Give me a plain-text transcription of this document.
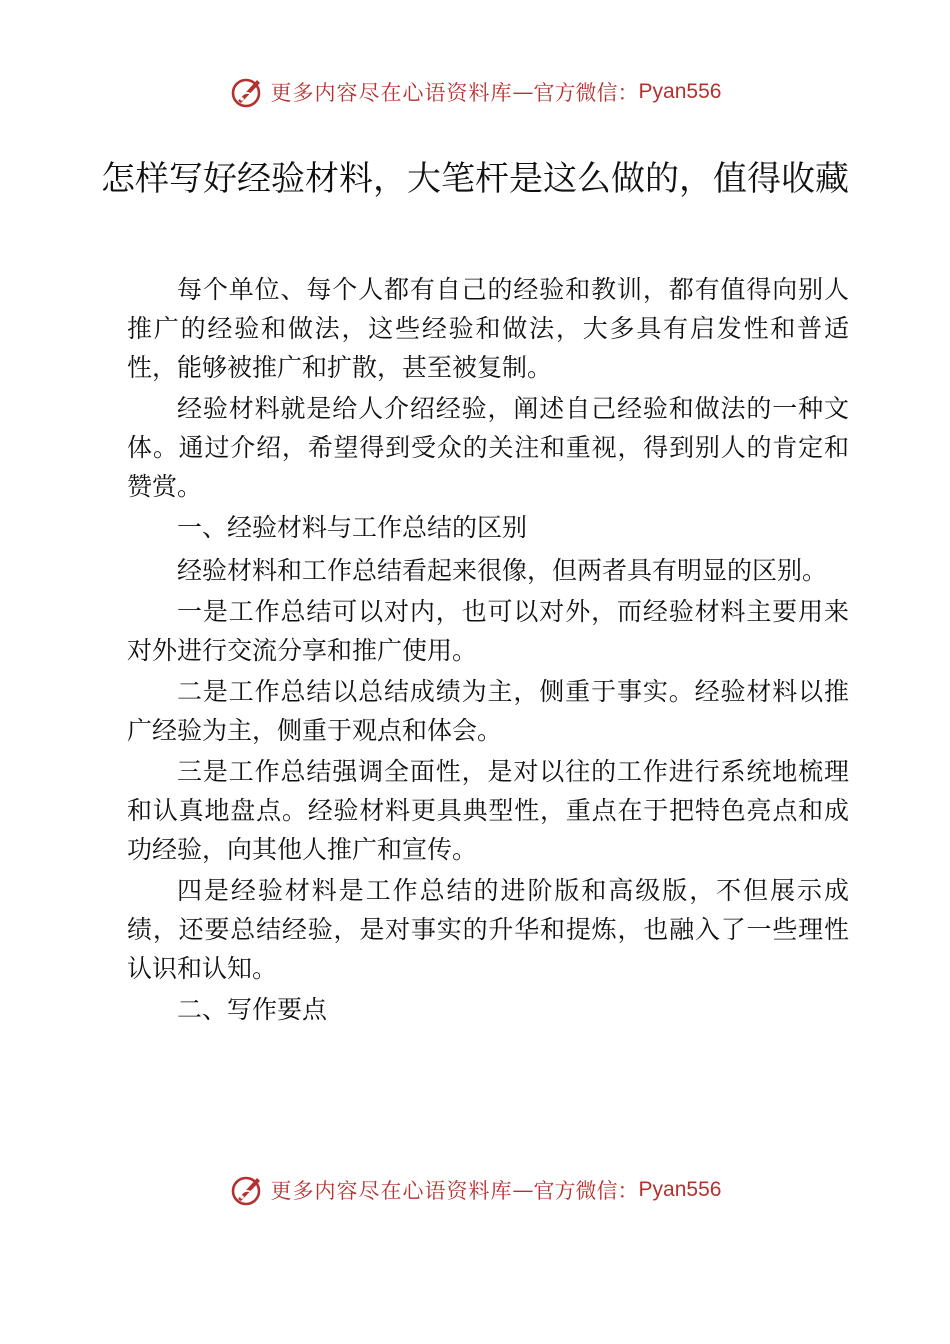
更多内容尽在心语资料库 — 官方微信： Pyan556
怎样写好经验材料，大笔杆是这么做的，值得收藏

每个单位、每个人都有自己的经验和教训，都有值得向别人推广的经验和做法，这些经验和做法，大多具有启发性和普适性，能够被推广和扩散，甚至被复制。

经验材料就是给人介绍经验，阐述自己经验和做法的一种文体。通过介绍，希望得到受众的关注和重视，得到别人的肯定和赞赏。

一、经验材料与工作总结的区别

经验材料和工作总结看起来很像，但两者具有明显的区别。

一是工作总结可以对内，也可以对外，而经验材料主要用来对外进行交流分享和推广使用。

二是工作总结以总结成绩为主，侧重于事实。经验材料以推广经验为主，侧重于观点和体会。

三是工作总结强调全面性，是对以往的工作进行系统地梳理和认真地盘点。经验材料更具典型性，重点在于把特色亮点和成功经验，向其他人推广和宣传。

四是经验材料是工作总结的进阶版和高级版，不但展示成绩，还要总结经验，是对事实的升华和提炼，也融入了一些理性认识和认知。

二、写作要点

更多内容尽在心语资料库 — 官方微信： Pyan556
